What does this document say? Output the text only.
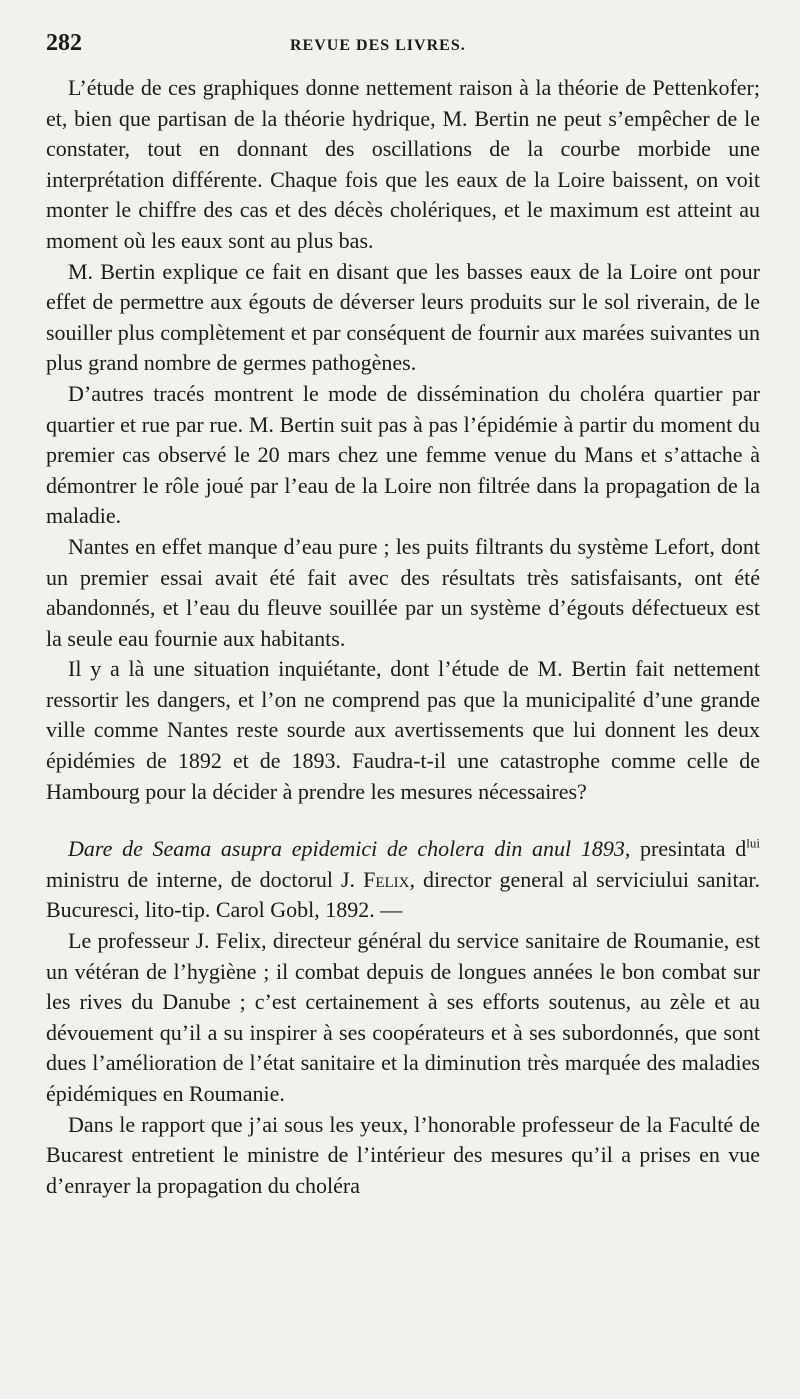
282	REVUE DES LIVRES.

L’étude de ces graphiques donne nettement raison à la théorie de Pettenkofer; et, bien que partisan de la théorie hydrique, M. Bertin ne peut s’empêcher de le constater, tout en donnant des oscillations de la courbe morbide une interprétation différente. Chaque fois que les eaux de la Loire baissent, on voit monter le chiffre des cas et des décès cholériques, et le maximum est atteint au moment où les eaux sont au plus bas.

M. Bertin explique ce fait en disant que les basses eaux de la Loire ont pour effet de permettre aux égouts de déverser leurs produits sur le sol riverain, de le souiller plus complètement et par conséquent de fournir aux marées suivantes un plus grand nombre de germes pathogènes.

D’autres tracés montrent le mode de dissémination du choléra quartier par quartier et rue par rue. M. Bertin suit pas à pas l’épidémie à partir du moment du premier cas observé le 20 mars chez une femme venue du Mans et s’attache à démontrer le rôle joué par l’eau de la Loire non filtrée dans la propagation de la maladie.

Nantes en effet manque d’eau pure ; les puits filtrants du système Lefort, dont un premier essai avait été fait avec des résultats très satisfaisants, ont été abandonnés, et l’eau du fleuve souillée par un système d’égouts défectueux est la seule eau fournie aux habitants.

Il y a là une situation inquiétante, dont l’étude de M. Bertin fait nettement ressortir les dangers, et l’on ne comprend pas que la municipalité d’une grande ville comme Nantes reste sourde aux avertissements que lui donnent les deux épidémies de 1892 et de 1893. Faudra-t-il une catastrophe comme celle de Hambourg pour la décider à prendre les mesures nécessaires?

Dare de Seama asupra epidemici de cholera din anul 1893, presintata $d^{lui}$ ministru de interne, de doctorul J. Felix, director general al serviciului sanitar. Bucuresci, lito-tip. Carol Gobl, 1892. —

Le professeur J. Felix, directeur général du service sanitaire de Roumanie, est un vétéran de l’hygiène ; il combat depuis de longues années le bon combat sur les rives du Danube ; c’est certainement à ses efforts soutenus, au zèle et au dévouement qu’il a su inspirer à ses coopérateurs et à ses subordonnés, que sont dues l’amélioration de l’état sanitaire et la diminution très marquée des maladies épidémiques en Roumanie.

Dans le rapport que j’ai sous les yeux, l’honorable professeur de la Faculté de Bucarest entretient le ministre de l’intérieur des mesures qu’il a prises en vue d’enrayer la propagation du choléra
